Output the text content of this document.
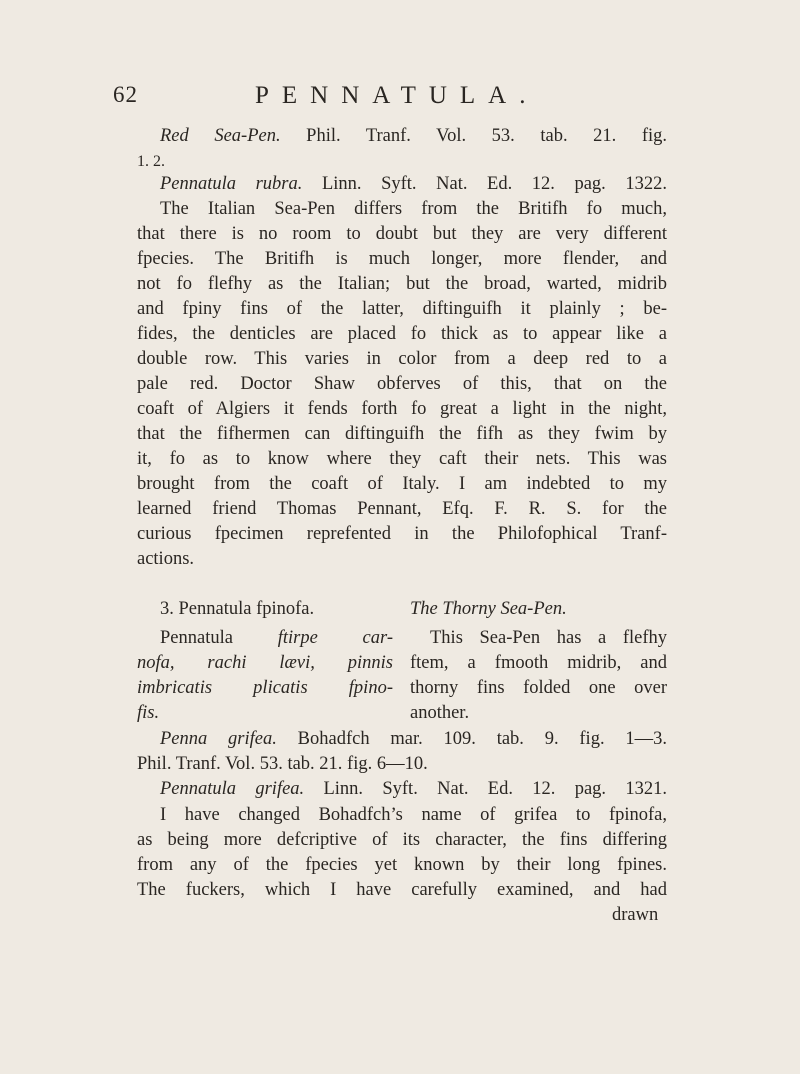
62	PENNATULA.
Red Sea-Pen. Phil. Tranf. Vol. 53. tab. 21. fig.
1. 2.
Pennatula rubra. Linn. Syft. Nat. Ed. 12. pag. 1322.
The Italian Sea-Pen differs from the Britifh fo much,
that there is no room to doubt but they are very different
fpecies. The Britifh is much longer, more flender, and
not fo flefhy as the Italian; but the broad, warted, midrib
and fpiny fins of the latter, diftinguifh it plainly ; be-
fides, the denticles are placed fo thick as to appear like a
double row. This varies in color from a deep red to a
pale red. Doctor Shaw obferves of this, that on the
coaft of Algiers it fends forth fo great a light in the night,
that the fifhermen can diftinguifh the fifh as they fwim by
it, fo as to know where they caft their nets. This was
brought from the coaft of Italy. I am indebted to my
learned friend Thomas Pennant, Efq. F. R. S. for the
curious fpecimen reprefented in the Philofophical Tranf-
actions.
3. Pennatula fpinofa.	The Thorny Sea-Pen.
Pennatula ftirpe car-
nofa, rachi lævi, pinnis
imbricatis plicatis fpino-
fis.
This Sea-Pen has a flefhy
ftem, a fmooth midrib, and
thorny fins folded one over
another.
Penna grifea. Bohadfch mar. 109. tab. 9. fig. 1—3.
Phil. Tranf. Vol. 53. tab. 21. fig. 6—10.
Pennatula grifea. Linn. Syft. Nat. Ed. 12. pag. 1321.
I have changed Bohadfch’s name of grifea to fpinofa,
as being more defcriptive of its character, the fins differing
from any of the fpecies yet known by their long fpines.
The fuckers, which I have carefully examined, and had
drawn
